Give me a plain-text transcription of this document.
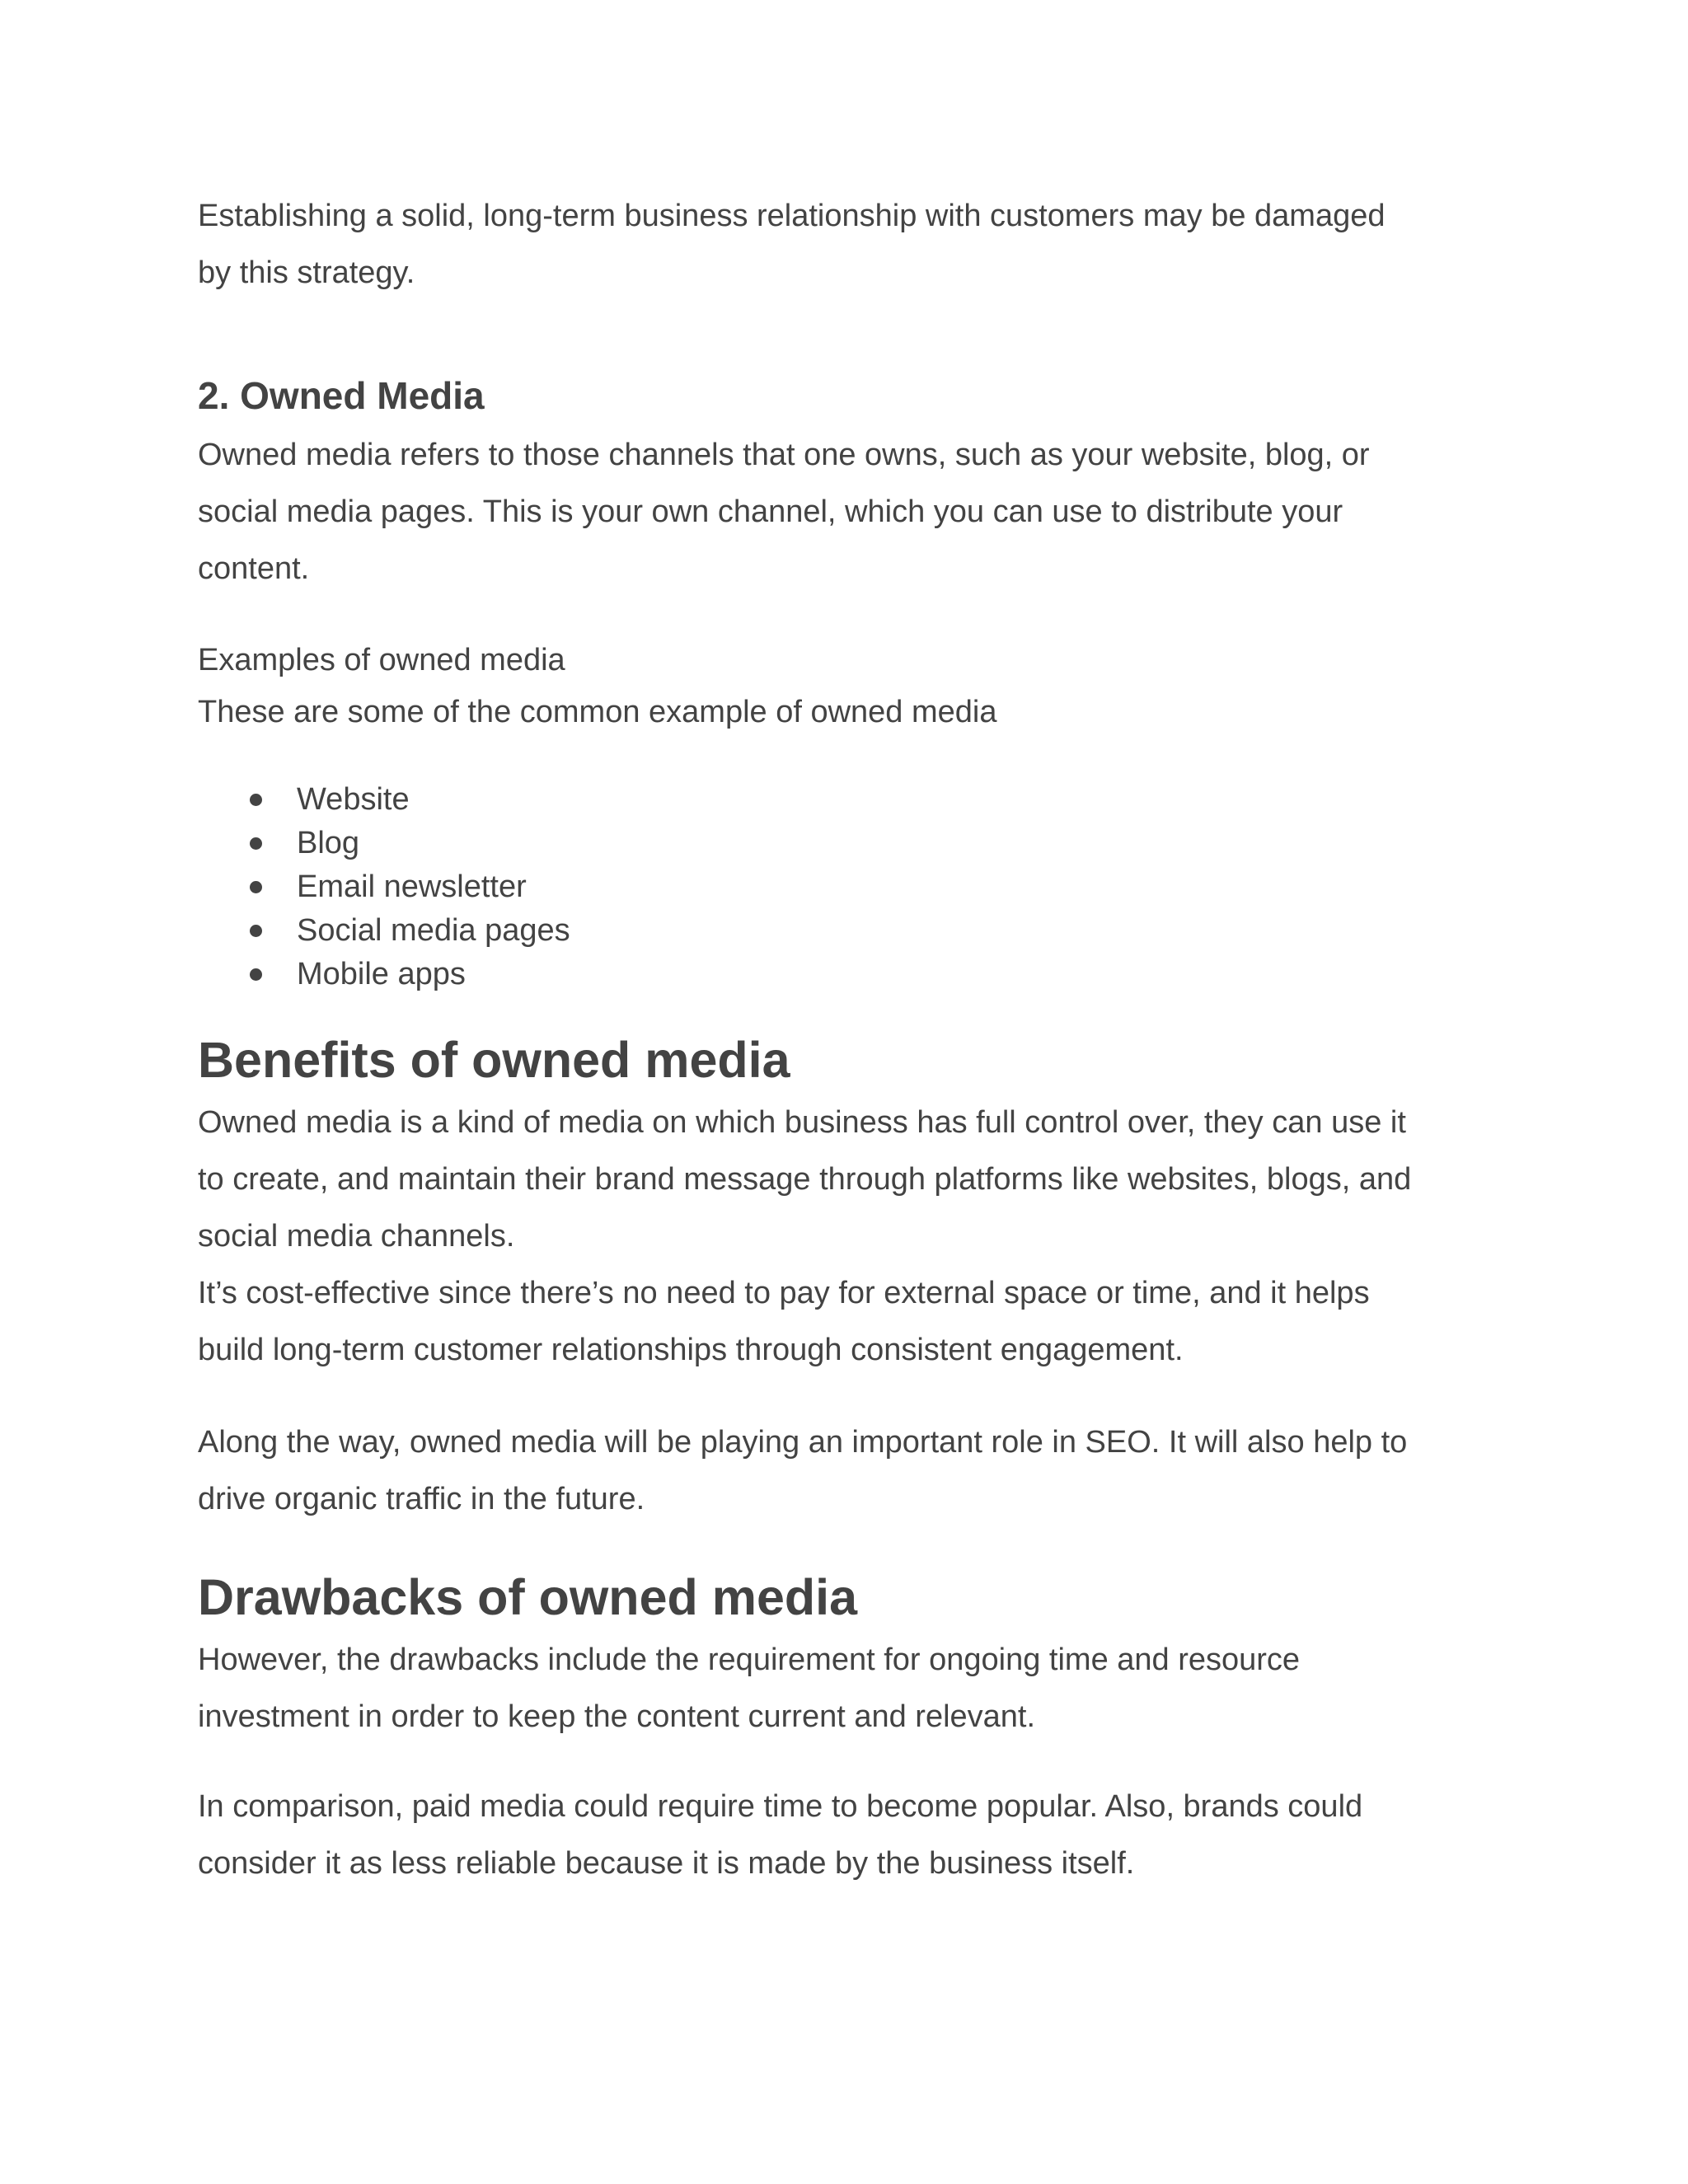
Establishing a solid, long-term business relationship with customers may be damaged
by this strategy.

2. Owned Media

Owned media refers to those channels that one owns, such as your website, blog, or
social media pages. This is your own channel, which you can use to distribute your
content.

Examples of owned media
These are some of the common example of owned media

Website
Blog
Email newsletter
Social media pages
Mobile apps
Benefits of owned media

Owned media is a kind of media on which business has full control over, they can use it
to create, and maintain their brand message through platforms like websites, blogs, and
social media channels.
It’s cost-effective since there’s no need to pay for external space or time, and it helps
build long-term customer relationships through consistent engagement.

Along the way, owned media will be playing an important role in SEO. It will also help to
drive organic traffic in the future.

Drawbacks of owned media

However, the drawbacks include the requirement for ongoing time and resource
investment in order to keep the content current and relevant.

In comparison, paid media could require time to become popular. Also, brands could
consider it as less reliable because it is made by the business itself.
